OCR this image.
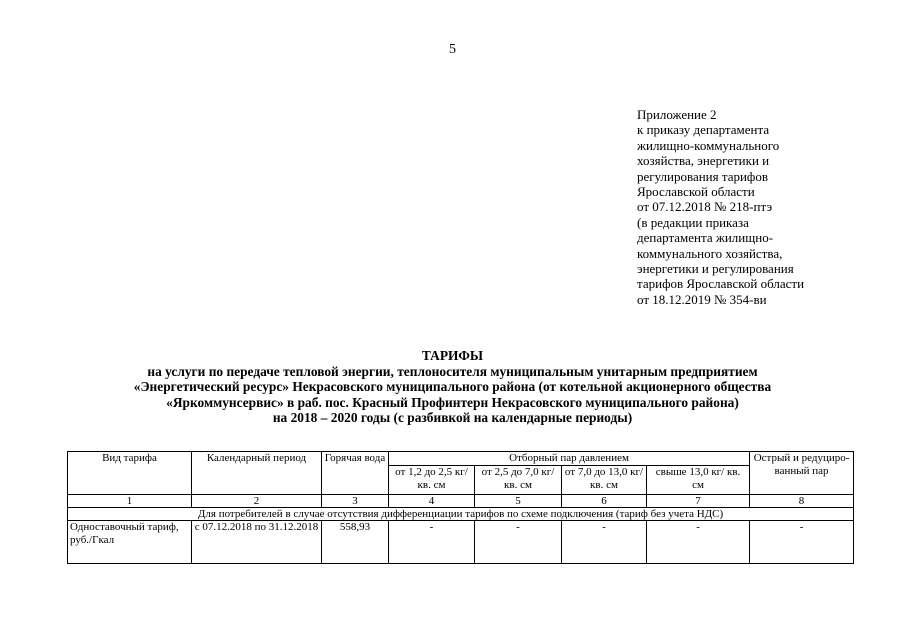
5
Приложение 2
к приказу департамента
жилищно-коммунального
хозяйства, энергетики и
регулирования тарифов
Ярославской области
от 07.12.2018 № 218-птэ
(в редакции приказа
департамента жилищно-
коммунального хозяйства,
энергетики и регулирования
тарифов Ярославской области
от 18.12.2019 № 354-ви
ТАРИФЫ
на услуги по передаче тепловой энергии, теплоносителя муниципальным унитарным предприятием
«Энергетический ресурс» Некрасовского муниципального района (от котельной акционерного общества
«Яркоммунсервис» в раб. пос. Красный Профинтерн Некрасовского муниципального района)
на 2018 – 2020 годы (с разбивкой на календарные периоды)
Вид тарифа	Календарный период	Горячая вода	Отборный пар давлением				Острый и редуциро-ванный пар
			от 1,2 до 2,5 кг/ кв. см	от 2,5 до 7,0 кг/ кв. см	от 7,0 до 13,0 кг/ кв. см	свыше 13,0 кг/ кв. см	
1	2	3	4	5	6	7	8
Для потребителей в случае отсутствия дифференциации тарифов по схеме подключения (тариф без учета НДС)							
Одноставочный тариф, руб./Гкал	с 07.12.2018 по 31.12.2018	558,93	-	-	-	-	-
